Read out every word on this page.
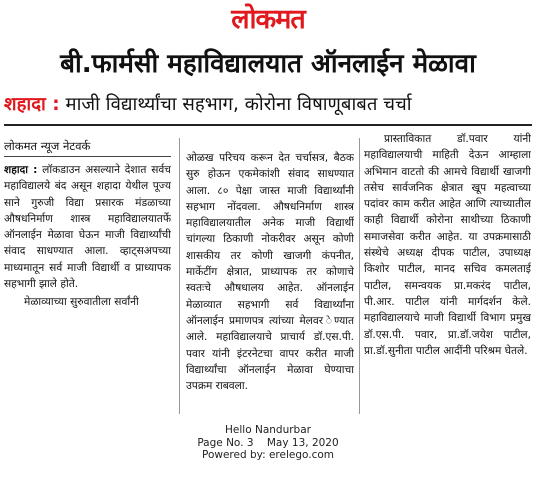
लोकमत
बी.फार्मसी महाविद्यालयात ऑनलाईन मेळावा
शहादा : माजी विद्यार्थ्यांचा सहभाग, कोरोना विषाणूबाबत चर्चा
लोकमत न्यूज नेटवर्क

शहादा : लॉकडाउन असल्याने देशात सर्वच महाविद्यालये बंद असून शहादा येथील पूज्य साने गुरुजी विद्या प्रसारक मंडळाच्या औषधनिर्माण शास्त्र महाविद्यालयातर्फे ऑनलाईन मेळावा घेऊन माजी विद्यार्थ्यांची संवाद साधण्यात आला. व्हाट्सअपच्या माध्यमातून सर्व माजी विद्यार्थी व प्राध्यापक सहभागी झाले होते.

मेळाव्याच्या सुरुवातीला सर्वांनी

ओळख परिचय करून देत चर्चासत्र, बैठक सुरु होऊन एकमेकांशी संवाद साधण्यात आला. ८० पेक्षा जास्त माजी विद्यार्थ्यांनी सहभाग नोंदवला. औषधनिर्माण शास्त्र महाविद्यालयातील अनेक माजी विद्यार्थी चांगल्या ठिकाणी नोकरीवर असून कोणी शासकीय तर कोणी खाजगी कंपनीत, मार्केटींग क्षेत्रात, प्राध्यापक तर कोणाचे स्वतःचे औषधालय आहेत. ऑनलाईन मेळाव्यात सहभागी सर्व विद्यार्थ्यांना ऑनलाईन प्रमाणपत्र त्यांच्या मेलवर ेण्यात आले. महाविद्यालयाचे प्राचार्य डॉ.एस.पी. पवार यांनी इंटरनेटचा वापर करीत माजी विद्यार्थ्यांचा ऑनलाईन मेळावा घेण्याचा उपक्रम राबवला.

प्रास्ताविकात डॉ.पवार यांनी महाविद्यालयाची माहिती देऊन आम्हाला अभिमान वाटतो की आमचे विद्यार्थी खाजगी तसेच सार्वजनिक क्षेत्रात खूप महत्वाच्या पदांवर काम करीत आहेत आणि त्याच्यातील काही विद्यार्थी कोरोना साथीच्या ठिकाणी समाजसेवा करीत आहेत. या उपक्रमासाठी संस्थेचे अध्यक्ष दीपक पाटील, उपाध्यक्ष किशोर पाटील, मानद सचिव कमलताई पाटील, समन्वयक प्रा.मकरंद पाटील, पी.आर. पाटील यांनी मार्गदर्शन केले. महाविद्यालयाचे माजी विद्यार्थी विभाग प्रमुख डॉ.एस.पी. पवार, प्रा.डॉ.जयेश पाटील, प्रा.डॉ.सुनीता पाटील आदींनी परिश्रम घेतले.

Hello Nandurbar
Page No. 3    May 13, 2020
Powered by: erelego.com
